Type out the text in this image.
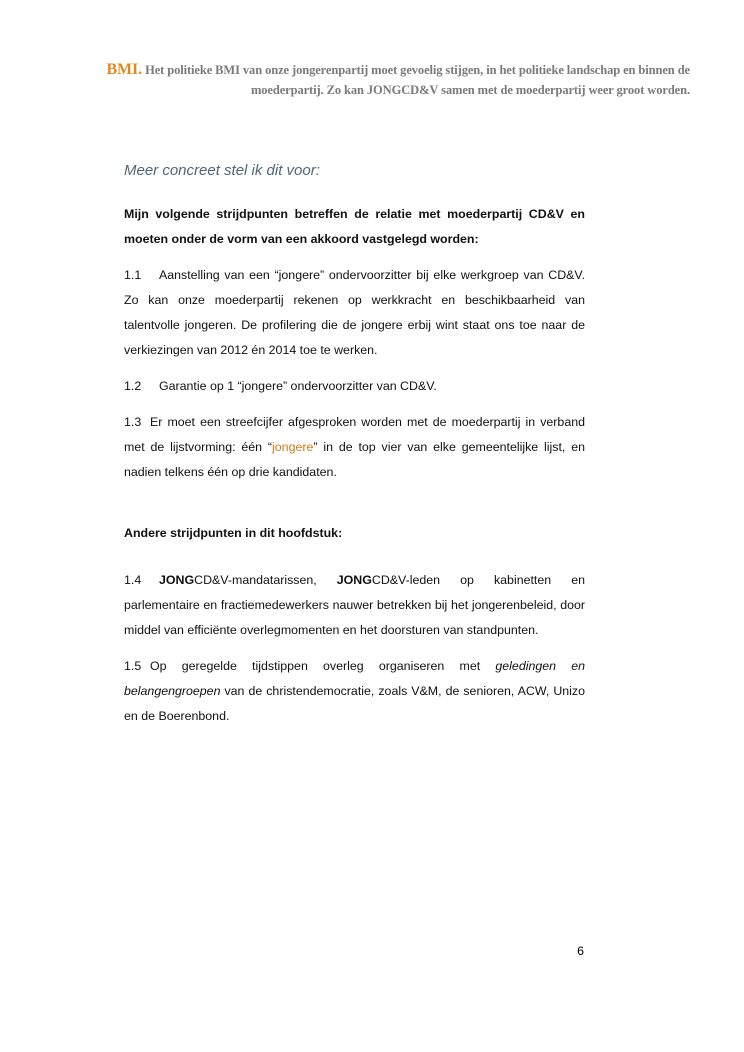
BMI. Het politieke BMI van onze jongerenpartij moet gevoelig stijgen, in het politieke landschap en binnen de moederpartij. Zo kan JONGCD&V samen met de moederpartij weer groot worden.
Meer concreet stel ik dit voor:

Mijn volgende strijdpunten betreffen de relatie met moederpartij CD&V en moeten onder de vorm van een akkoord vastgelegd worden:

1.1 Aanstelling van een “jongere” ondervoorzitter bij elke werkgroep van CD&V. Zo kan onze moederpartij rekenen op werkkracht en beschikbaarheid van talentvolle jongeren. De profilering die de jongere erbij wint staat ons toe naar de verkiezingen van 2012 én 2014 toe te werken.

1.2 Garantie op 1 “jongere” ondervoorzitter van CD&V.

1.3 Er moet een streefcijfer afgesproken worden met de moederpartij in verband met de lijstvorming: één “jongere” in de top vier van elke gemeentelijke lijst, en nadien telkens één op drie kandidaten.

Andere strijdpunten in dit hoofdstuk:

1.4 JONGCD&V-mandatarissen, JONGCD&V-leden op kabinetten en parlementaire en fractiemedewerkers nauwer betrekken bij het jongerenbeleid, door middel van efficiënte overlegmomenten en het doorsturen van standpunten.

1.5 Op geregelde tijdstippen overleg organiseren met geledingen en belangengroepen van de christendemocratie, zoals V&M, de senioren, ACW, Unizo en de Boerenbond.

6
